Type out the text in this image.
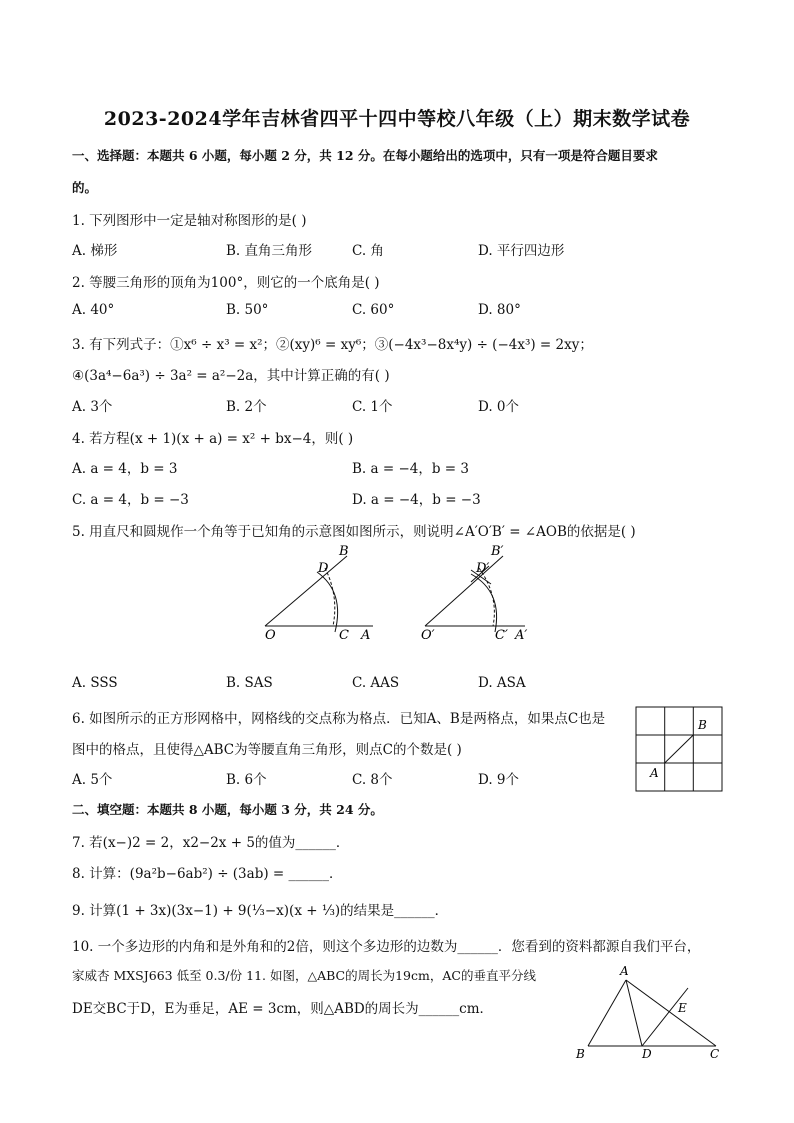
2023-2024学年吉林省四平十四中等校八年级（上）期末数学试卷
一、选择题：本题共 6 小题，每小题 2 分，共 12 分。在每小题给出的选项中，只有一项是符合题目要求
的。
1. 下列图形中一定是轴对称图形的是( )
A. 梯形	B. 直角三角形	C. 角	D. 平行四边形
2. 等腰三角形的顶角为100°，则它的一个底角是( )
A. 40°	B. 50°	C. 60°	D. 80°
3. 有下列式子：①x⁶ ÷ x³ = x²；②(xy)⁶ = xy⁶；③(−4x³−8x⁴y) ÷ (−4x³) = 2xy；
④(3a⁴−6a³) ÷ 3a² = a²−2a，其中计算正确的有( )
A. 3个	B. 2个	C. 1个	D. 0个
4. 若方程(x + 1)(x + a) = x² + bx−4，则( )
A. a = 4，b = 3	B. a = −4，b = 3
C. a = 4，b = −3	D. a = −4，b = −3
5. 用直尺和圆规作一个角等于已知角的示意图如图所示，则说明∠A′O′B′ = ∠AOB的依据是( )
B
D
O	C A
B′
D′
O′	C′ A′
A. SSS	B. SAS	C. AAS	D. ASA
6. 如图所示的正方形网格中，网格线的交点称为格点．已知A、B是两格点，如果点C也是
图中的格点，且使得△ABC为等腰直角三角形，则点C的个数是( )
A
B
A. 5个	B. 6个	C. 8个	D. 9个
二、填空题：本题共 8 小题，每小题 3 分，共 24 分。
7. 若(x−)2 = 2，x2−2x + 5的值为______．
8. 计算：(9a²b−6ab²) ÷ (3ab) = ______．
9. 计算(1 + 3x)(3x−1) + 9(⅓−x)(x + ⅓)的结果是______．
10. 一个多边形的内角和是外角和的2倍，则这个多边形的边数为______．您看到的资料都源自我们平台，
家威杏 MXSJ663 低至 0.3/份 11. 如图，△ABC的周长为19cm，AC的垂直平分线
DE交BC于D，E为垂足，AE = 3cm，则△ABD的周长为______cm．
A
E
B	D	C
